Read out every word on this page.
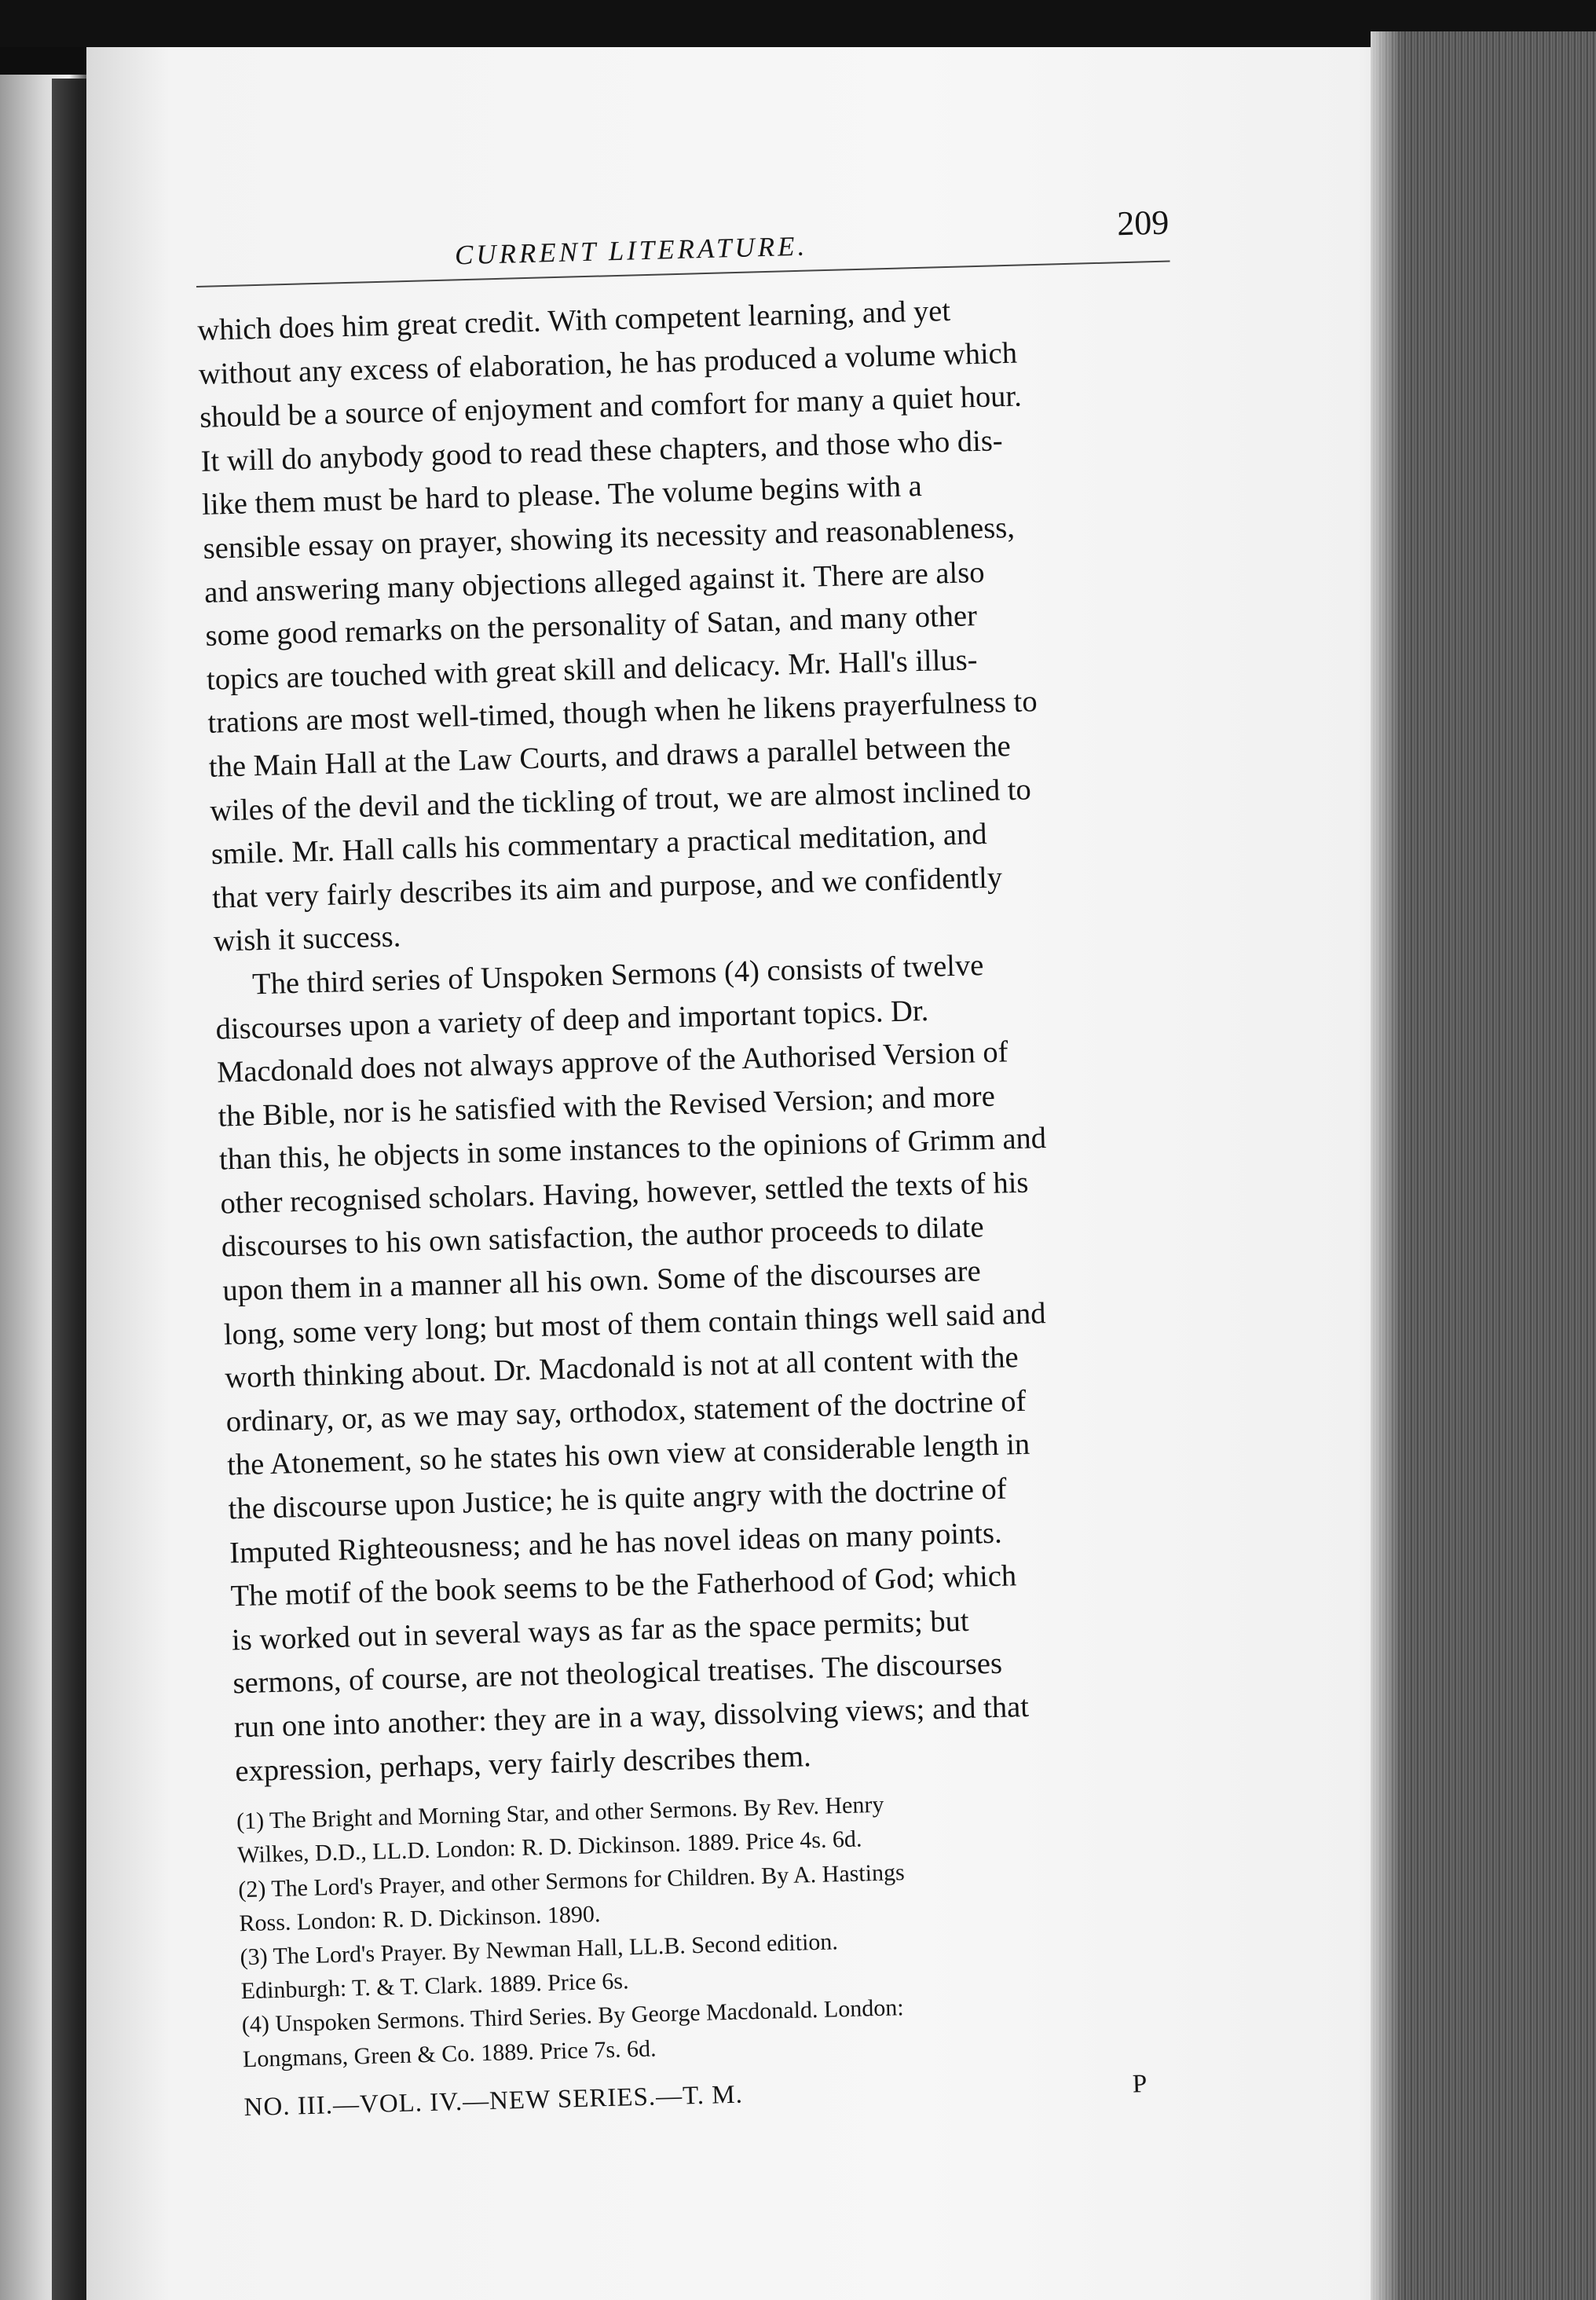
CURRENT LITERATURE.
209

which does him great credit. With competent learning, and yet

without any excess of elaboration, he has produced a volume which

should be a source of enjoyment and comfort for many a quiet hour.

It will do anybody good to read these chapters, and those who dis-

like them must be hard to please. The volume begins with a

sensible essay on prayer, showing its necessity and reasonableness,

and answering many objections alleged against it. There are also

some good remarks on the personality of Satan, and many other

topics are touched with great skill and delicacy. Mr. Hall's illus-

trations are most well-timed, though when he likens prayerfulness to

the Main Hall at the Law Courts, and draws a parallel between the

wiles of the devil and the tickling of trout, we are almost inclined to

smile. Mr. Hall calls his commentary a practical meditation, and

that very fairly describes its aim and purpose, and we confidently

wish it success.

The third series of Unspoken Sermons (4) consists of twelve

discourses upon a variety of deep and important topics. Dr.

Macdonald does not always approve of the Authorised Version of

the Bible, nor is he satisfied with the Revised Version; and more

than this, he objects in some instances to the opinions of Grimm and

other recognised scholars. Having, however, settled the texts of his

discourses to his own satisfaction, the author proceeds to dilate

upon them in a manner all his own. Some of the discourses are

long, some very long; but most of them contain things well said and

worth thinking about. Dr. Macdonald is not at all content with the

ordinary, or, as we may say, orthodox, statement of the doctrine of

the Atonement, so he states his own view at considerable length in

the discourse upon Justice; he is quite angry with the doctrine of

Imputed Righteousness; and he has novel ideas on many points.

The motif of the book seems to be the Fatherhood of God; which

is worked out in several ways as far as the space permits; but

sermons, of course, are not theological treatises. The discourses

run one into another: they are in a way, dissolving views; and that

expression, perhaps, very fairly describes them.

(1) The Bright and Morning Star, and other Sermons. By Rev. Henry

Wilkes, D.D., LL.D. London: R. D. Dickinson. 1889. Price 4s. 6d.

(2) The Lord's Prayer, and other Sermons for Children. By A. Hastings

Ross. London: R. D. Dickinson. 1890.

(3) The Lord's Prayer. By Newman Hall, LL.B. Second edition.

Edinburgh: T. & T. Clark. 1889. Price 6s.

(4) Unspoken Sermons. Third Series. By George Macdonald. London:

Longmans, Green & Co. 1889. Price 7s. 6d.

NO. III.—VOL. IV.—NEW SERIES.—T. M.	P
